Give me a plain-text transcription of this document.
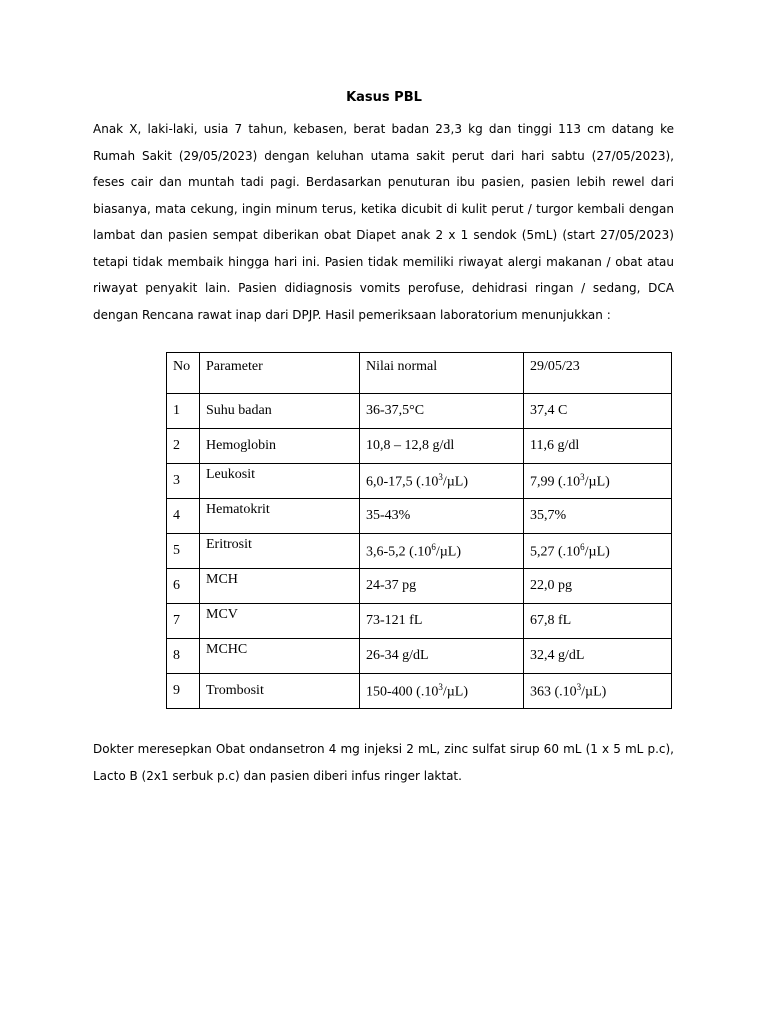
Kasus PBL
Anak X, laki-laki, usia 7 tahun, kebasen, berat badan 23,3 kg dan tinggi 113 cm datang ke Rumah Sakit (29/05/2023) dengan keluhan utama sakit perut dari hari sabtu (27/05/2023), feses cair dan muntah tadi pagi. Berdasarkan penuturan ibu pasien, pasien lebih rewel dari biasanya, mata cekung, ingin minum terus, ketika dicubit di kulit perut / turgor kembali dengan lambat dan pasien sempat diberikan obat Diapet anak 2 x 1 sendok (5mL) (start 27/05/2023) tetapi tidak membaik hingga hari ini. Pasien tidak memiliki riwayat alergi makanan / obat atau riwayat penyakit lain. Pasien didiagnosis vomits perofuse, dehidrasi ringan / sedang, DCA dengan Rencana rawat inap dari DPJP. Hasil pemeriksaan laboratorium menunjukkan :
No	Parameter	Nilai normal	29/05/23
1	Suhu badan	36-37,5°C	37,4 C
2	Hemoglobin	10,8 – 12,8 g/dl	11,6 g/dl
3	Leukosit	6,0-17,5 $(.10^3/\mu L)$	7,99 $(.10^3/\mu L)$
4	Hematokrit	35-43%	35,7%
5	Eritrosit	3,6-5,2 $(.10^6/\mu L)$	5,27 $(.10^6/\mu L)$
6	MCH	24-37 pg	22,0 pg
7	MCV	73-121 fL	67,8 fL
8	MCHC	26-34 g/dL	32,4 g/dL
9	Trombosit	150-400 $(.10^3/\mu L)$	363 $(.10^3/\mu L)$
Dokter meresepkan Obat ondansetron 4 mg injeksi 2 mL, zinc sulfat sirup 60 mL (1 x 5 mL p.c), Lacto B (2x1 serbuk p.c) dan pasien diberi infus ringer laktat.
